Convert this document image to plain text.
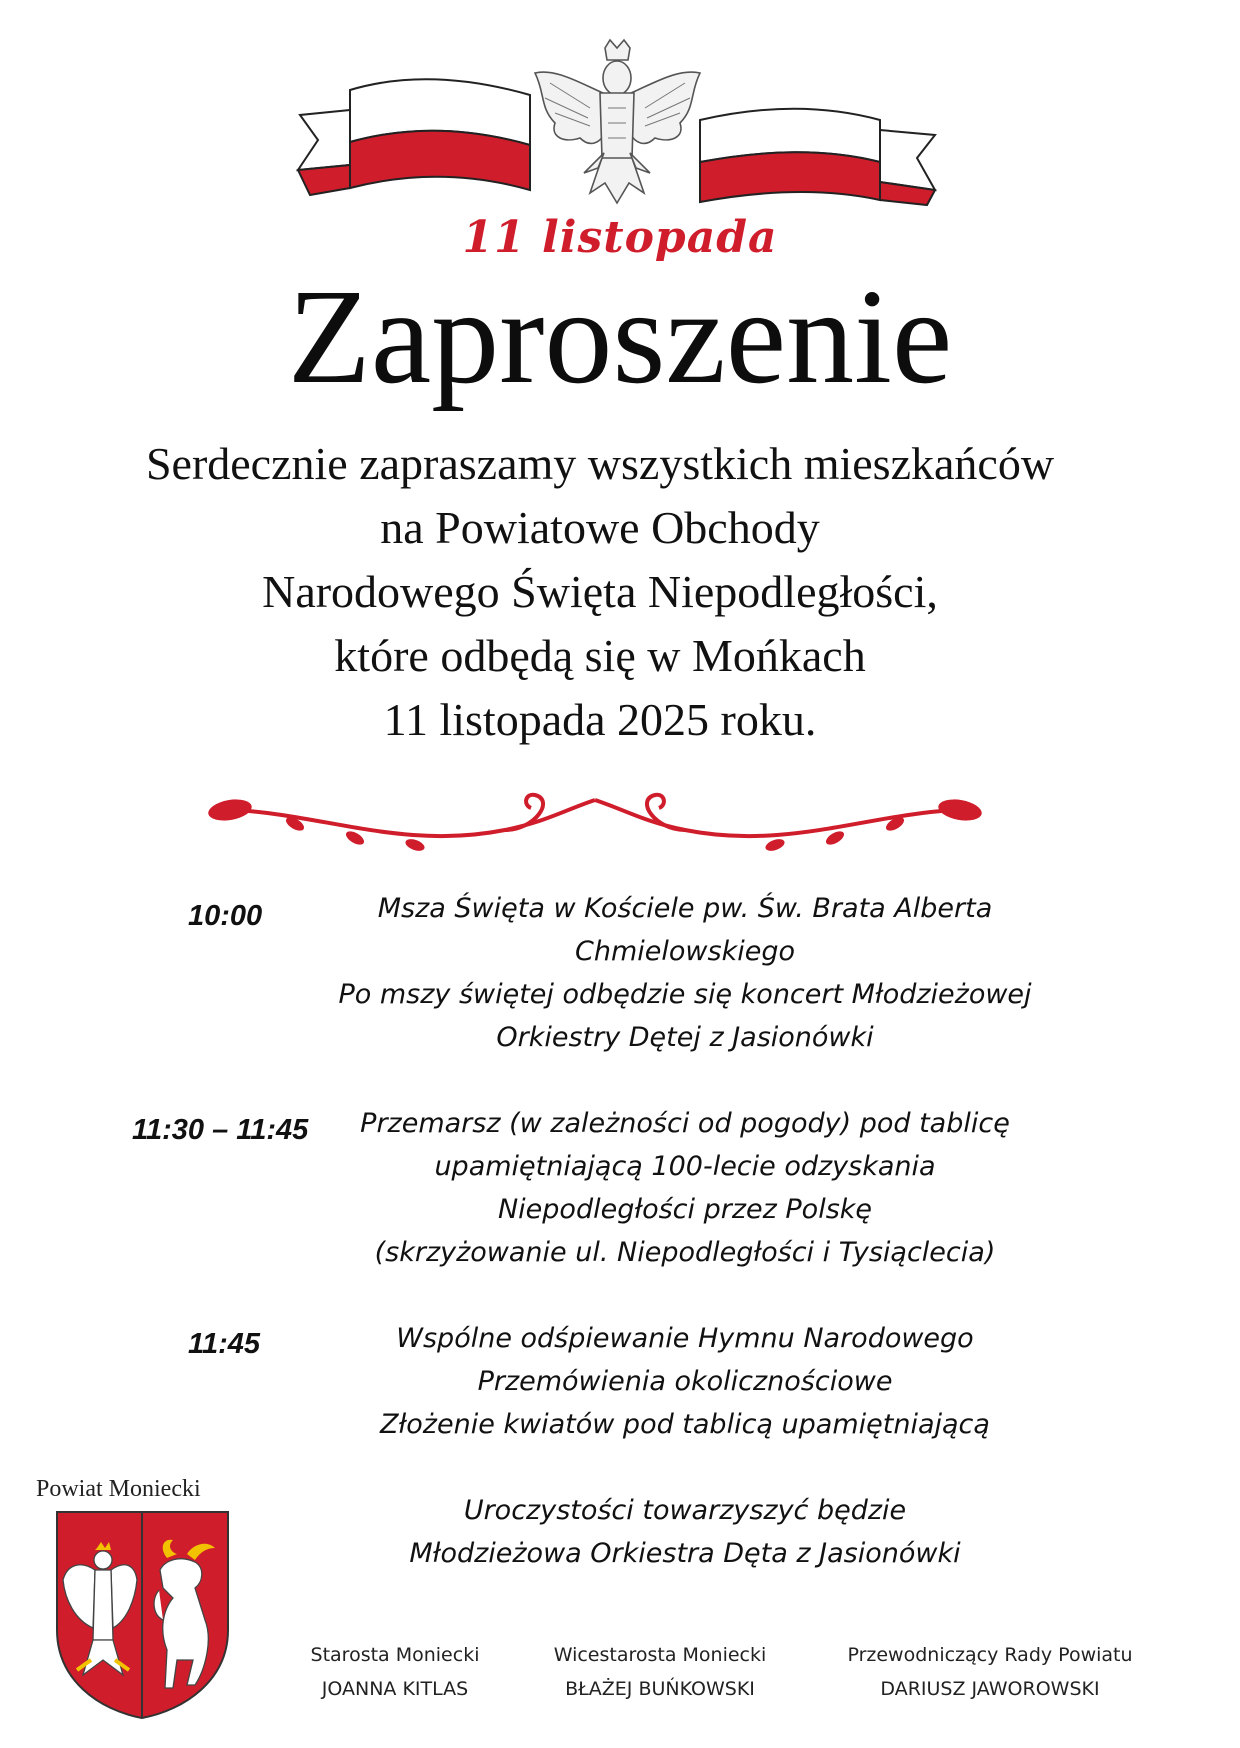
11 listopada
Zaproszenie
Serdecznie zapraszamy wszystkich mieszkańców
na Powiatowe Obchody
Narodowego Święta Niepodległości,
które odbędą się w Mońkach
11 listopada 2025 roku.
10:00	Msza Święta w Kościele pw. Św. Brata Alberta
Chmielowskiego
Po mszy świętej odbędzie się koncert Młodzieżowej
Orkiestry Dętej z Jasionówki
11:30 – 11:45	Przemarsz (w zależności od pogody) pod tablicę
upamiętniającą 100-lecie odzyskania
Niepodległości przez Polskę
(skrzyżowanie ul. Niepodległości i Tysiąclecia)
11:45	Wspólne odśpiewanie Hymnu Narodowego
Przemówienia okolicznościowe
Złożenie kwiatów pod tablicą upamiętniającą
Uroczystości towarzyszyć będzie
Młodzieżowa Orkiestra Dęta z Jasionówki
Powiat Moniecki
Starosta Moniecki
JOANNA KITLAS
Wicestarosta Moniecki
BŁAŻEJ BUŃKOWSKI
Przewodniczący Rady Powiatu
DARIUSZ JAWOROWSKI
